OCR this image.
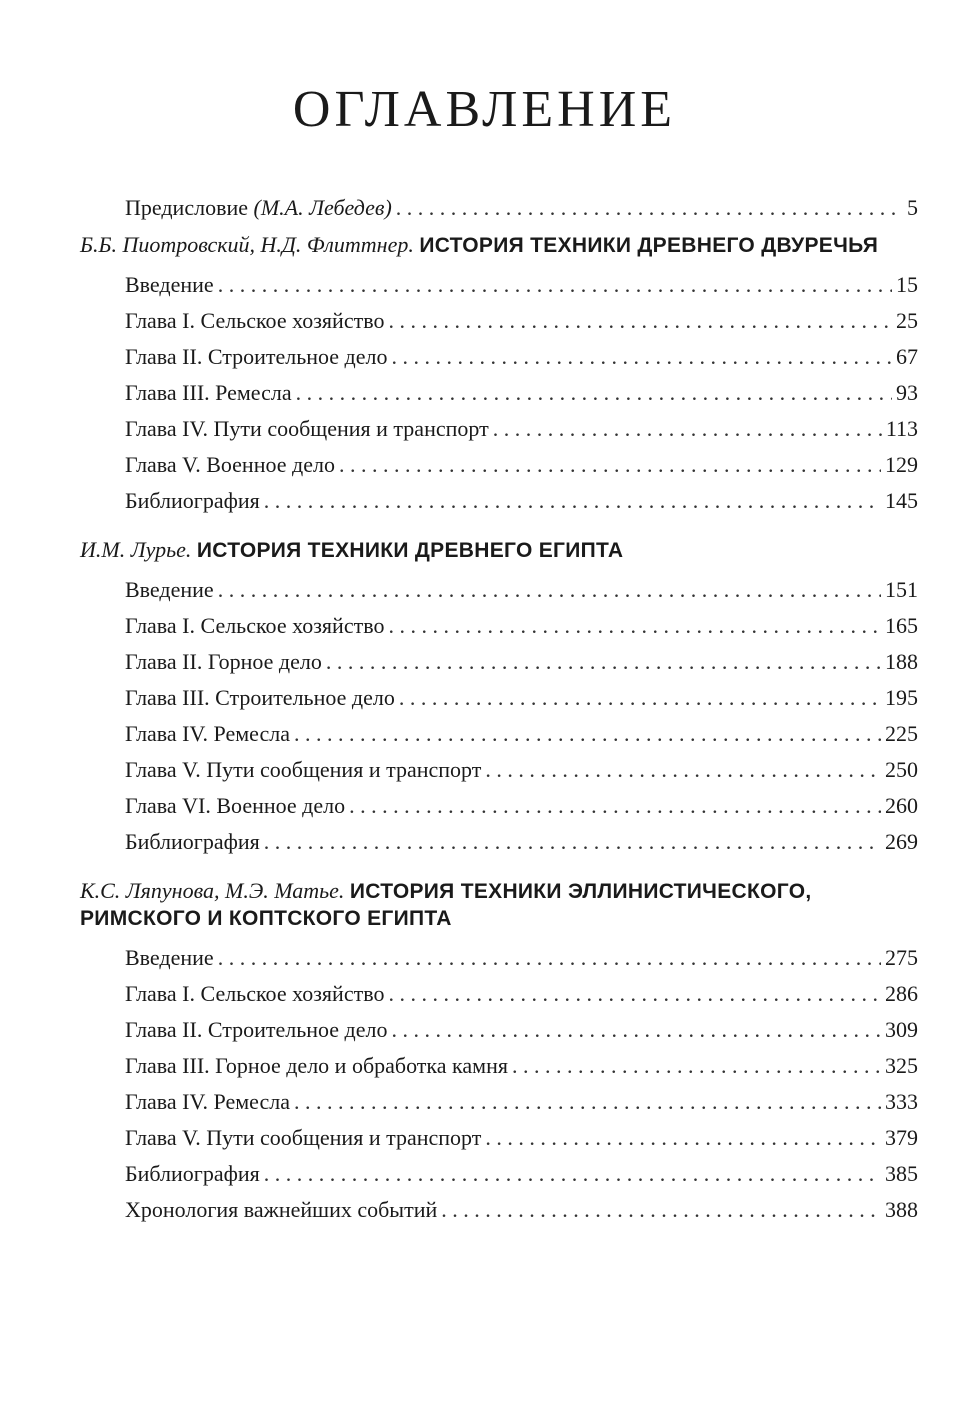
ОГЛАВЛЕНИЕ
Предисловие (М.А. Лебедев) . . .	5
Б.Б. Пиотровский, Н.Д. Флиттнер. ИСТОРИЯ ТЕХНИКИ ДРЕВНЕГО ДВУРЕЧЬЯ
Введение . . .	15
Глава I. Сельское хозяйство . . .	25
Глава II. Строительное дело . . .	67
Глава III. Ремесла . . .	93
Глава IV. Пути сообщения и транспорт . . .	113
Глава V. Военное дело . . .	129
Библиография . . .	145
И.М. Лурье. ИСТОРИЯ ТЕХНИКИ ДРЕВНЕГО ЕГИПТА
Введение . . .	151
Глава I. Сельское хозяйство . . .	165
Глава II. Горное дело . . .	188
Глава III. Строительное дело . . .	195
Глава IV. Ремесла . . .	225
Глава V. Пути сообщения и транспорт . . .	250
Глава VI. Военное дело . . .	260
Библиография . . .	269
К.С. Ляпунова, М.Э. Матье. ИСТОРИЯ ТЕХНИКИ ЭЛЛИНИСТИЧЕСКОГО, РИМСКОГО И КОПТСКОГО ЕГИПТА
Введение . . .	275
Глава I. Сельское хозяйство . . .	286
Глава II. Строительное дело . . .	309
Глава III. Горное дело и обработка камня . . .	325
Глава IV. Ремесла . . .	333
Глава V. Пути сообщения и транспорт . . .	379
Библиография . . .	385
Хронология важнейших событий . . .	388
